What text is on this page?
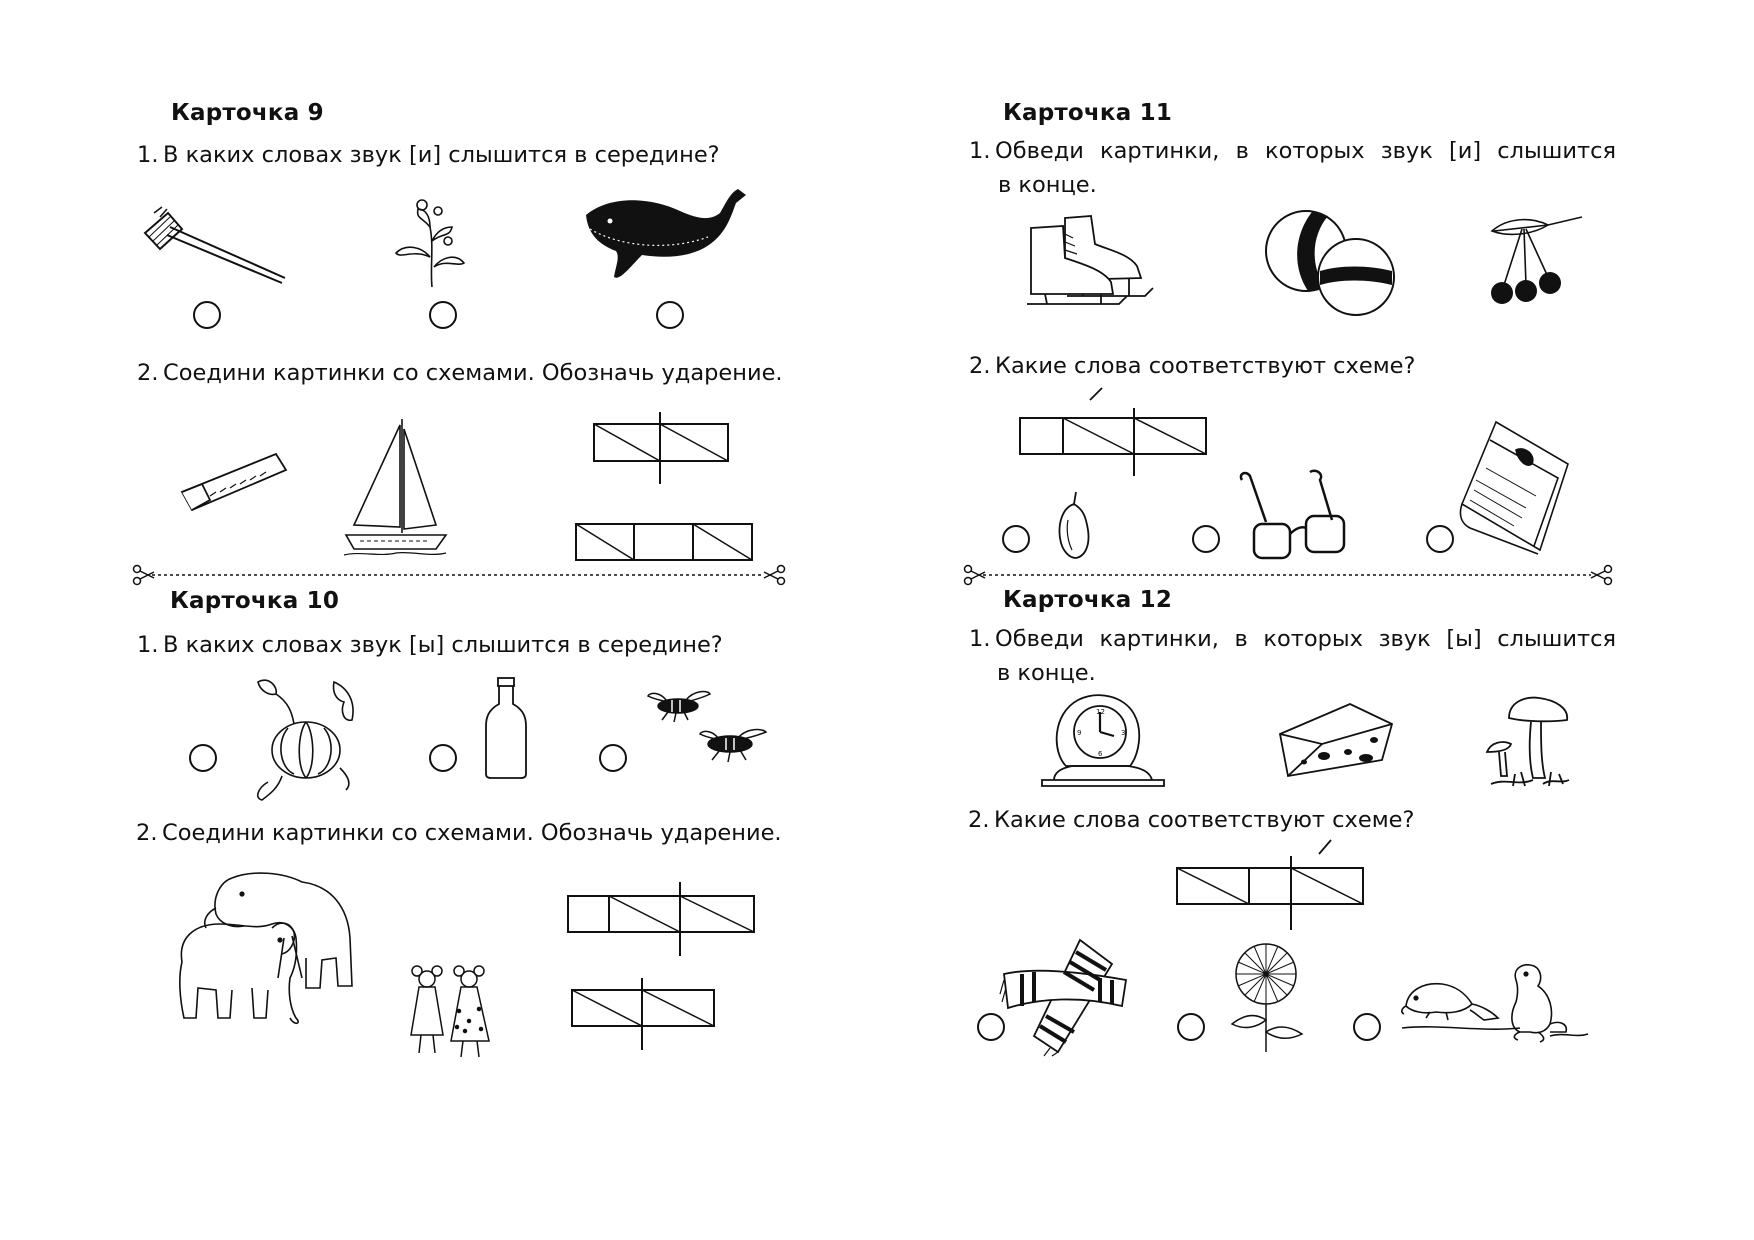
Карточка 9
1. В каких словах звук [и] слышится в середине?
2. Соедини картинки со схемами. Обозначь ударение.
Карточка 10
1. В каких словах звук [ы] слышится в середине?
2. Соедини картинки со схемами. Обозначь ударение.
Карточка 11
1. Обведи картинки, в которых звук [и] слышится
в конце.
2. Какие слова соответствуют схеме?
Карточка 12
1. Обведи картинки, в которых звук [ы] слышится
в конце.
12
3
6
9
2. Какие слова соответствуют схеме?
